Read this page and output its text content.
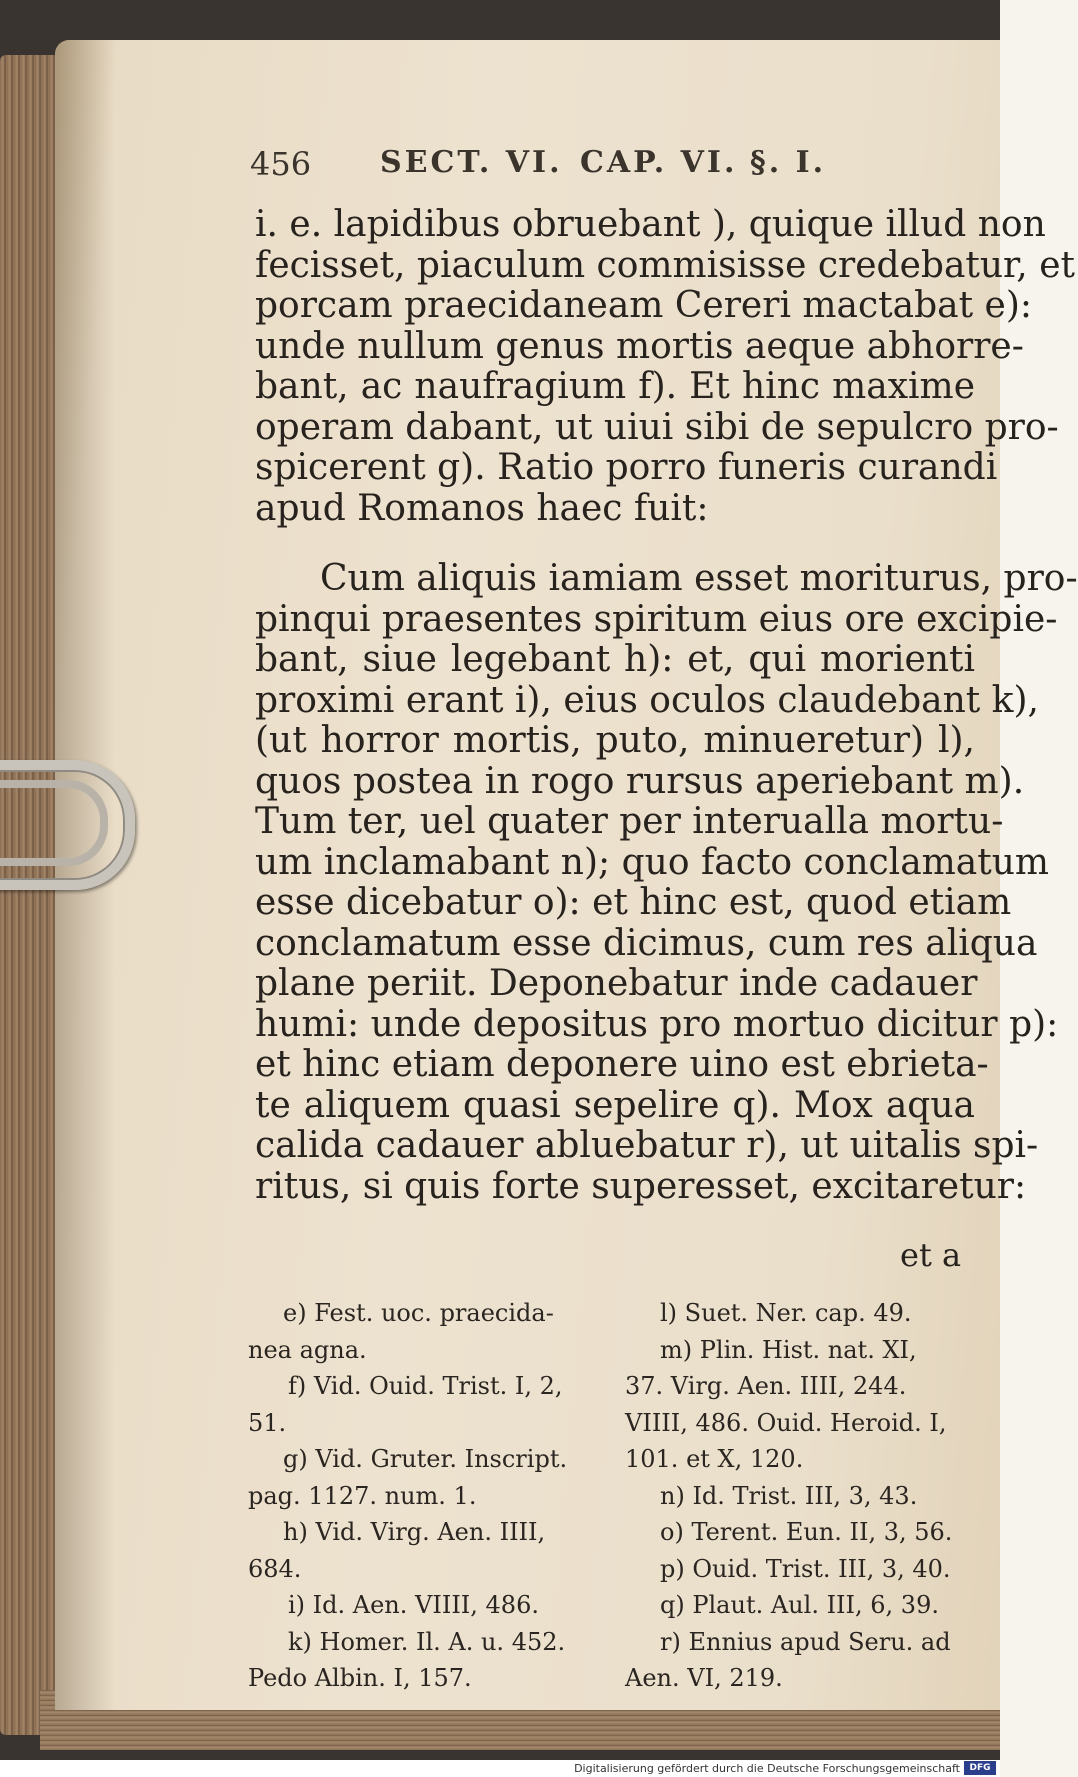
456 SECT. VI. CAP. VI. §. I.
i. e. lapidibus obruebant ), quique illud non
fecisset, piaculum commisisse credebatur, et
porcam praecidaneam Cereri mactabat e):
unde nullum genus mortis aeque abhorre-
bant, ac naufragium f). Et hinc maxime
operam dabant, ut uiui sibi de sepulcro pro-
spicerent g). Ratio porro funeris curandi
apud Romanos haec fuit:
Cum aliquis iamiam esset moriturus, pro-
pinqui praesentes spiritum eius ore excipie-
bant, siue legebant h): et, qui morienti
proximi erant i), eius oculos claudebant k),
(ut horror mortis, puto, minueretur) l),
quos postea in rogo rursus aperiebant m).
Tum ter, uel quater per interualla mortu-
um inclamabant n); quo facto conclamatum
esse dicebatur o): et hinc est, quod etiam
conclamatum esse dicimus, cum res aliqua
plane periit. Deponebatur inde cadauer
humi: unde depositus pro mortuo dicitur p):
et hinc etiam deponere uino est ebrieta-
te aliquem quasi sepelire q). Mox aqua
calida cadauer abluebatur r), ut uitalis spi-
ritus, si quis forte superesset, excitaretur:
et a
e) Fest. uoc. praecida-
nea agna.
f) Vid. Ouid. Trist. I, 2,
51.
g) Vid. Gruter. Inscript.
pag. 1127. num. 1.
h) Vid. Virg. Aen. IIII,
684.
i) Id. Aen. VIIII, 486.
k) Homer. Il. A. u. 452.
Pedo Albin. I, 157.
l) Suet. Ner. cap. 49.
m) Plin. Hist. nat. XI,
37. Virg. Aen. IIII, 244.
VIIII, 486. Ouid. Heroid. I,
101. et X, 120.
n) Id. Trist. III, 3, 43.
o) Terent. Eun. II, 3, 56.
p) Ouid. Trist. III, 3, 40.
q) Plaut. Aul. III, 6, 39.
r) Ennius apud Seru. ad
Aen. VI, 219.
Digitalisierung gefördert durch die Deutsche Forschungsgemeinschaft	DFG
